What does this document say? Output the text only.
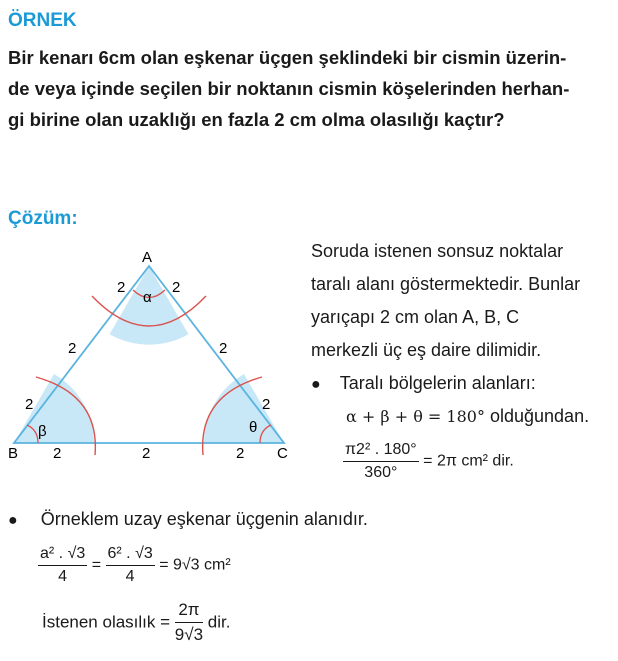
ÖRNEK
Bir kenarı 6cm olan eşkenar üçgen şeklindeki bir cismin üzerin-
de veya içinde seçilen bir noktanın cismin köşelerinden herhan-
gi birine olan uzaklığı en fazla 2 cm olma olasılığı kaçtır?
Çözüm:
A
B	C
α
β	θ
2	2
2	2
2	2
2	2	2
Soruda istenen sonsuz noktalar
taralı alanı göstermektedir. Bunlar
yarıçapı 2 cm olan A, B, C
merkezli üç eş daire dilimidir.
● Taralı bölgelerin alanları:
α + β + θ = 180° olduğundan.
$\frac{\text{π2² . 180°}}{360^\circ} = 2\pi$ cm² dir.
● Örneklem uzay eşkenar üçgenin alanıdır.
$\frac{\text{a² . √3}}{4} = \frac{\text{6² . √3}}{4} = 9√3$ cm²
İstenen olasılık = $\frac{2\pi}{9√3}$ dir.
